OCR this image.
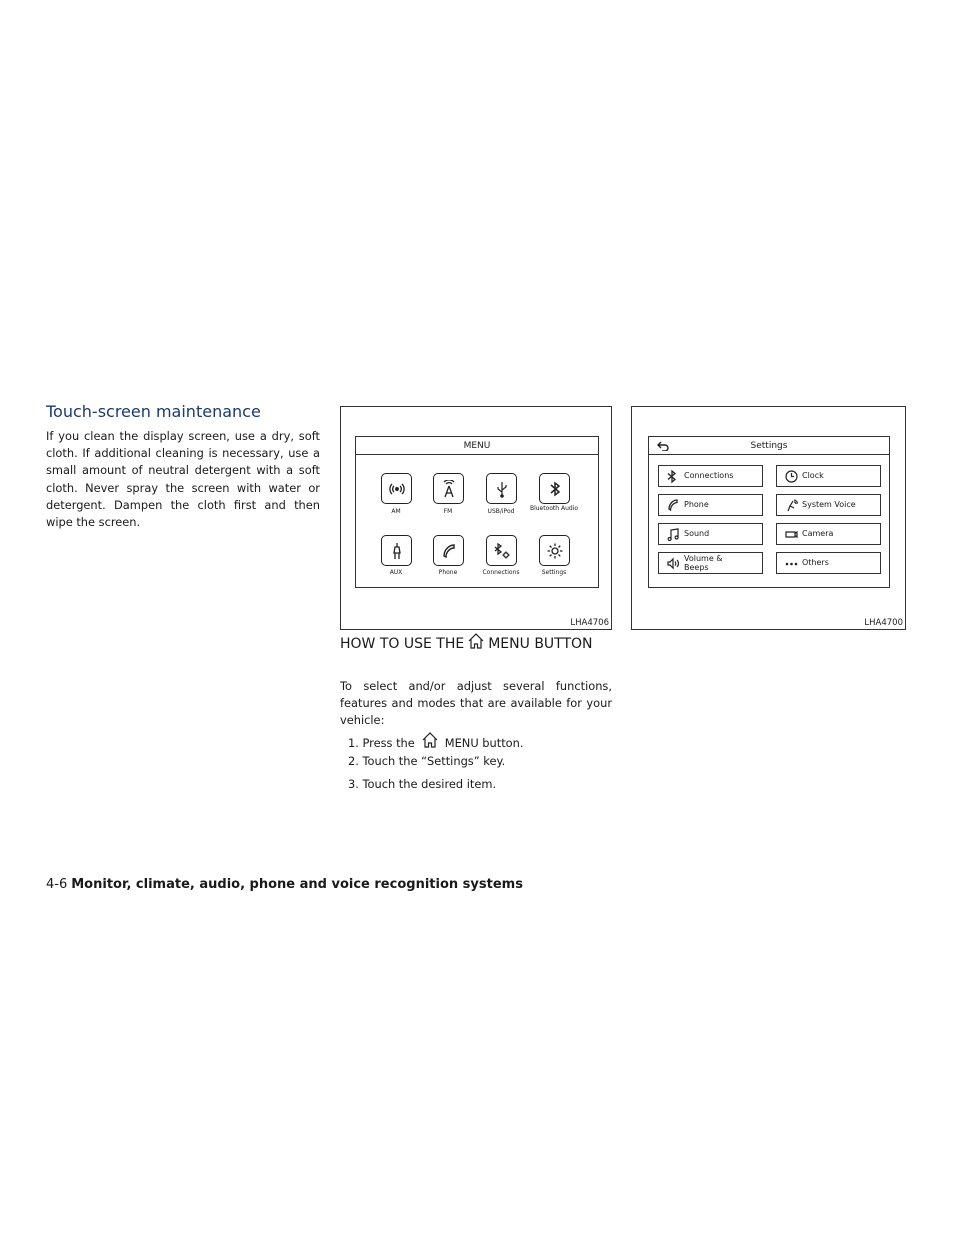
Touch-screen maintenance
If you clean the display screen, use a dry, soft cloth. If additional cleaning is necessary, use a small amount of neutral detergent with a soft cloth. Never spray the screen with water or detergent. Dampen the cloth first and then wipe the screen.
MENU
AM	FM	USB/iPod	Bluetooth Audio
AUX	Phone	Connections	Settings
LHA4706
Settings
Connections
Phone
Sound
Volume & Beeps
Clock
System Voice
Camera
Others
LHA4700
HOW TO USE THE MENU BUTTON
To select and/or adjust several functions, features and modes that are available for your vehicle:
1. Press the	MENU button.
2. Touch the “Settings” key.
3. Touch the desired item.
4-6 Monitor, climate, audio, phone and voice recognition systems
